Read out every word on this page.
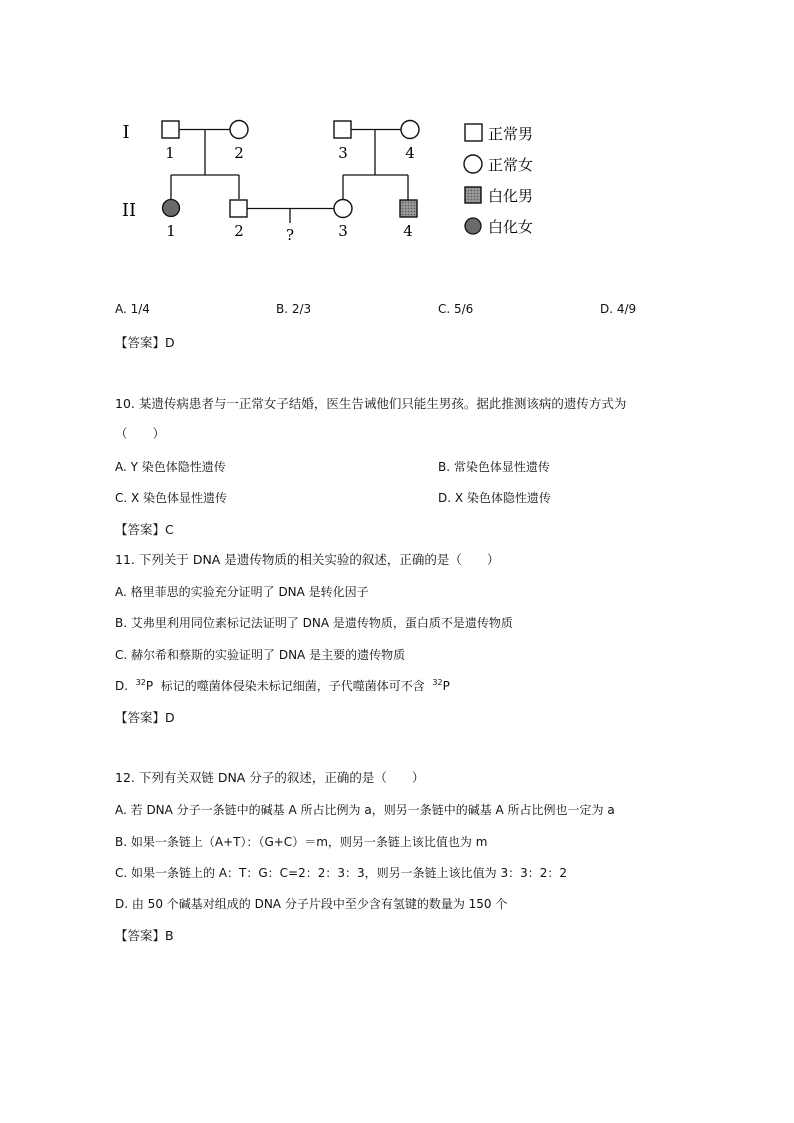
I
II
1	2	3	4
1	2	?	3	4
正常男
正常女
白化男
白化女
A. 1/4	B. 2/3	C. 5/6	D. 4/9
【答案】D
10. 某遗传病患者与一正常女子结婚，医生告诫他们只能生男孩。据此推测该病的遗传方式为
（　　）
A. Y 染色体隐性遗传	B. 常染色体显性遗传
C. X 染色体显性遗传	D. X 染色体隐性遗传
【答案】C
11. 下列关于 DNA 是遗传物质的相关实验的叙述，正确的是（　　）
A. 格里菲思的实验充分证明了 DNA 是转化因子
B. 艾弗里利用同位素标记法证明了 DNA 是遗传物质，蛋白质不是遗传物质
C. 赫尔希和蔡斯的实验证明了 DNA 是主要的遗传物质
D.  $^{32}$P  标记的噬菌体侵染未标记细菌，子代噬菌体可不含  $^{32}$P
【答案】D
12. 下列有关双链 DNA 分子的叙述，正确的是（　　）
A. 若 DNA 分子一条链中的碱基 A 所占比例为 a，则另一条链中的碱基 A 所占比例也一定为 a
B. 如果一条链上（A+T）：（G+C）＝m，则另一条链上该比值也为 m
C. 如果一条链上的 A：T：G：C=2：2：3：3，则另一条链上该比值为 3：3：2：2
D. 由 50 个碱基对组成的 DNA 分子片段中至少含有氢键的数量为 150 个
【答案】B
